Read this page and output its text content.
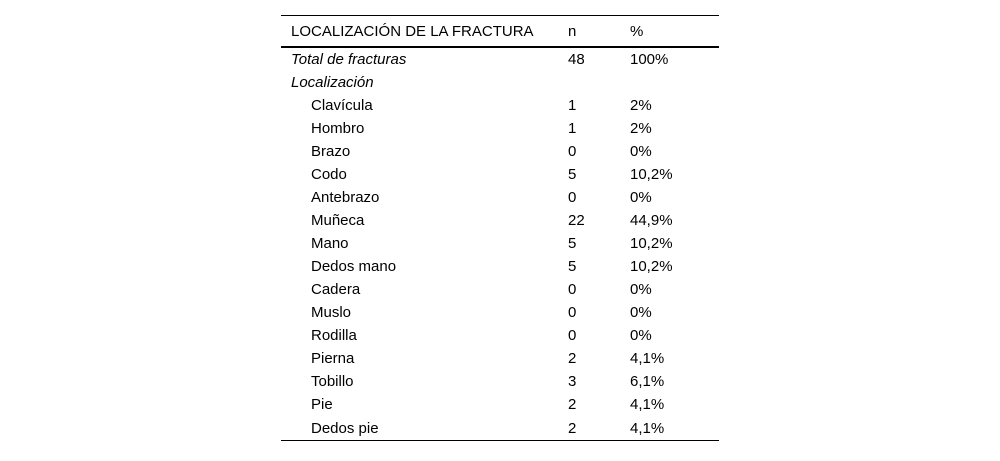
LOCALIZACIÓN DE LA FRACTURA	n	%
Total de fracturas	48	100%
Localización		
Clavícula	1	2%
Hombro	1	2%
Brazo	0	0%
Codo	5	10,2%
Antebrazo	0	0%
Muñeca	22	44,9%
Mano	5	10,2%
Dedos mano	5	10,2%
Cadera	0	0%
Muslo	0	0%
Rodilla	0	0%
Pierna	2	4,1%
Tobillo	3	6,1%
Pie	2	4,1%
Dedos pie	2	4,1%
